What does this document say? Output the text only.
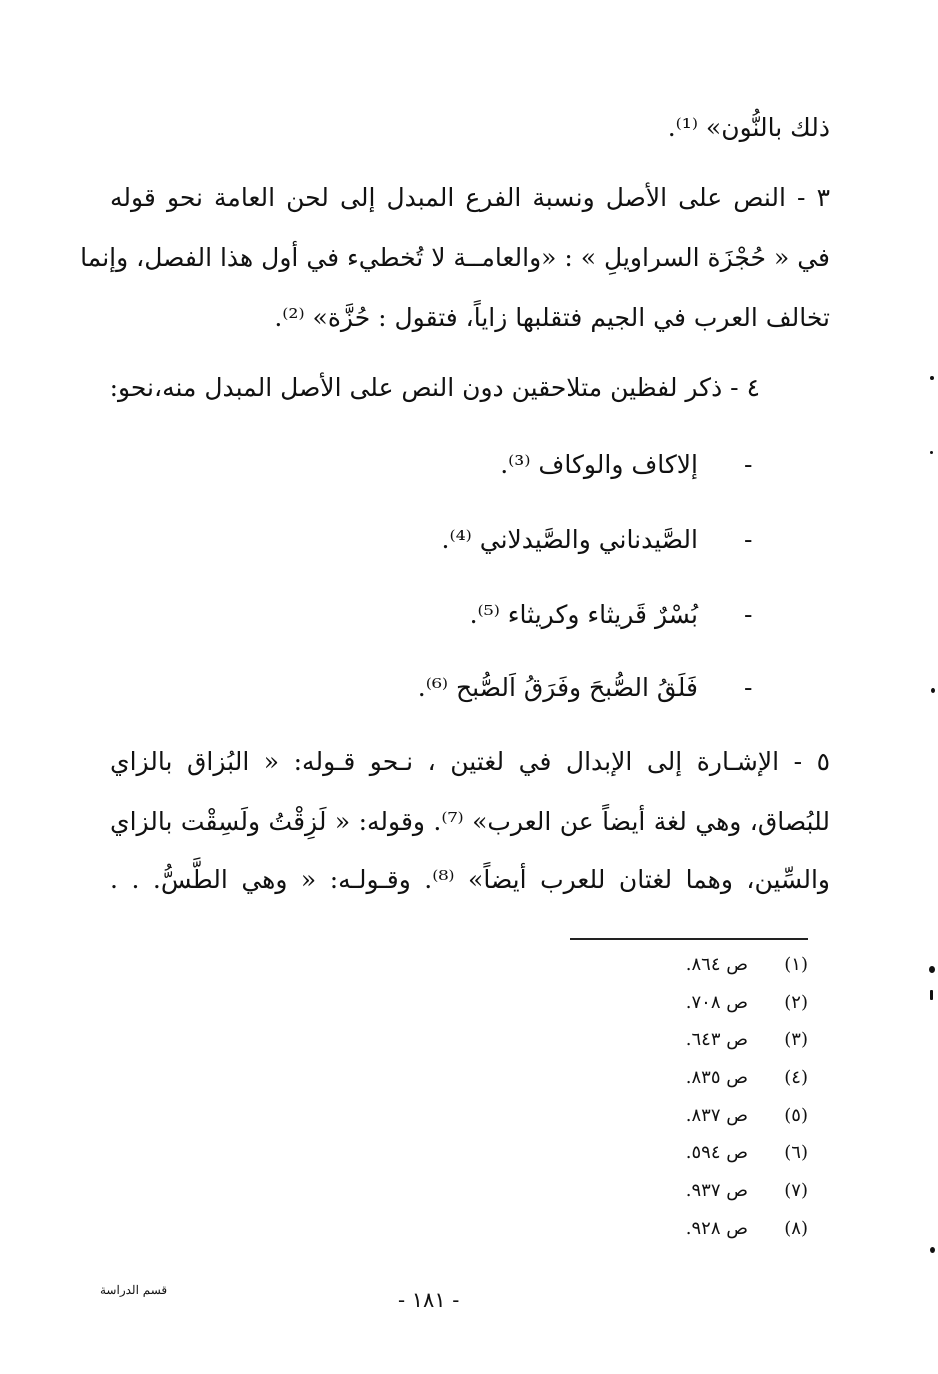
ذلك بالنُّون» ⁽¹⁾.
٣ - النص على الأصل ونسبة الفرع المبدل إلى لحن العامة نحو قوله
في « حُجْزَة السراويلِ » : «والعامــة لا تُخطيء في أول هذا الفصل، وإنما
تخالف العرب في الجيم فتقلبها زاياً، فتقول : حُزَّة» ⁽²⁾.
٤ - ذكر لفظين متلاحقين دون النص على الأصل المبدل منه،نحو:
إلاكاف والوكاف ⁽³⁾. -
الصَّيدناني والصَّيدلاني ⁽⁴⁾. -
بُسْرٌ قَريثاء وكريثاء ⁽⁵⁾. -
فَلَقُ الصُّبحَ وفَرَقُ اَلصُّبح ⁽⁶⁾. -
٥ - الإشـارة إلى الإبدال في لغتين ، نـحو قـوله: « البُزاق بالزاي
للبُصاق، وهي لغة أيضاً عن العرب» ⁽⁷⁾. وقوله: « لَزِقْتُ ولَسِقْت بالزاي
والسِّين، وهما لغتان للعرب أيضاً» ⁽⁸⁾. وقـولـه: « وهي الطَّسُّ. . .
(١)ص ٨٦٤.
(٢)ص ٧٠٨.
(٣)ص ٦٤٣.
(٤)ص ٨٣٥.
(٥)ص ٨٣٧.
(٦)ص ٥٩٤.
(٧)ص ٩٣٧.
(٨)ص ٩٢٨.
قسم الدراسة	- ١٨١ -
